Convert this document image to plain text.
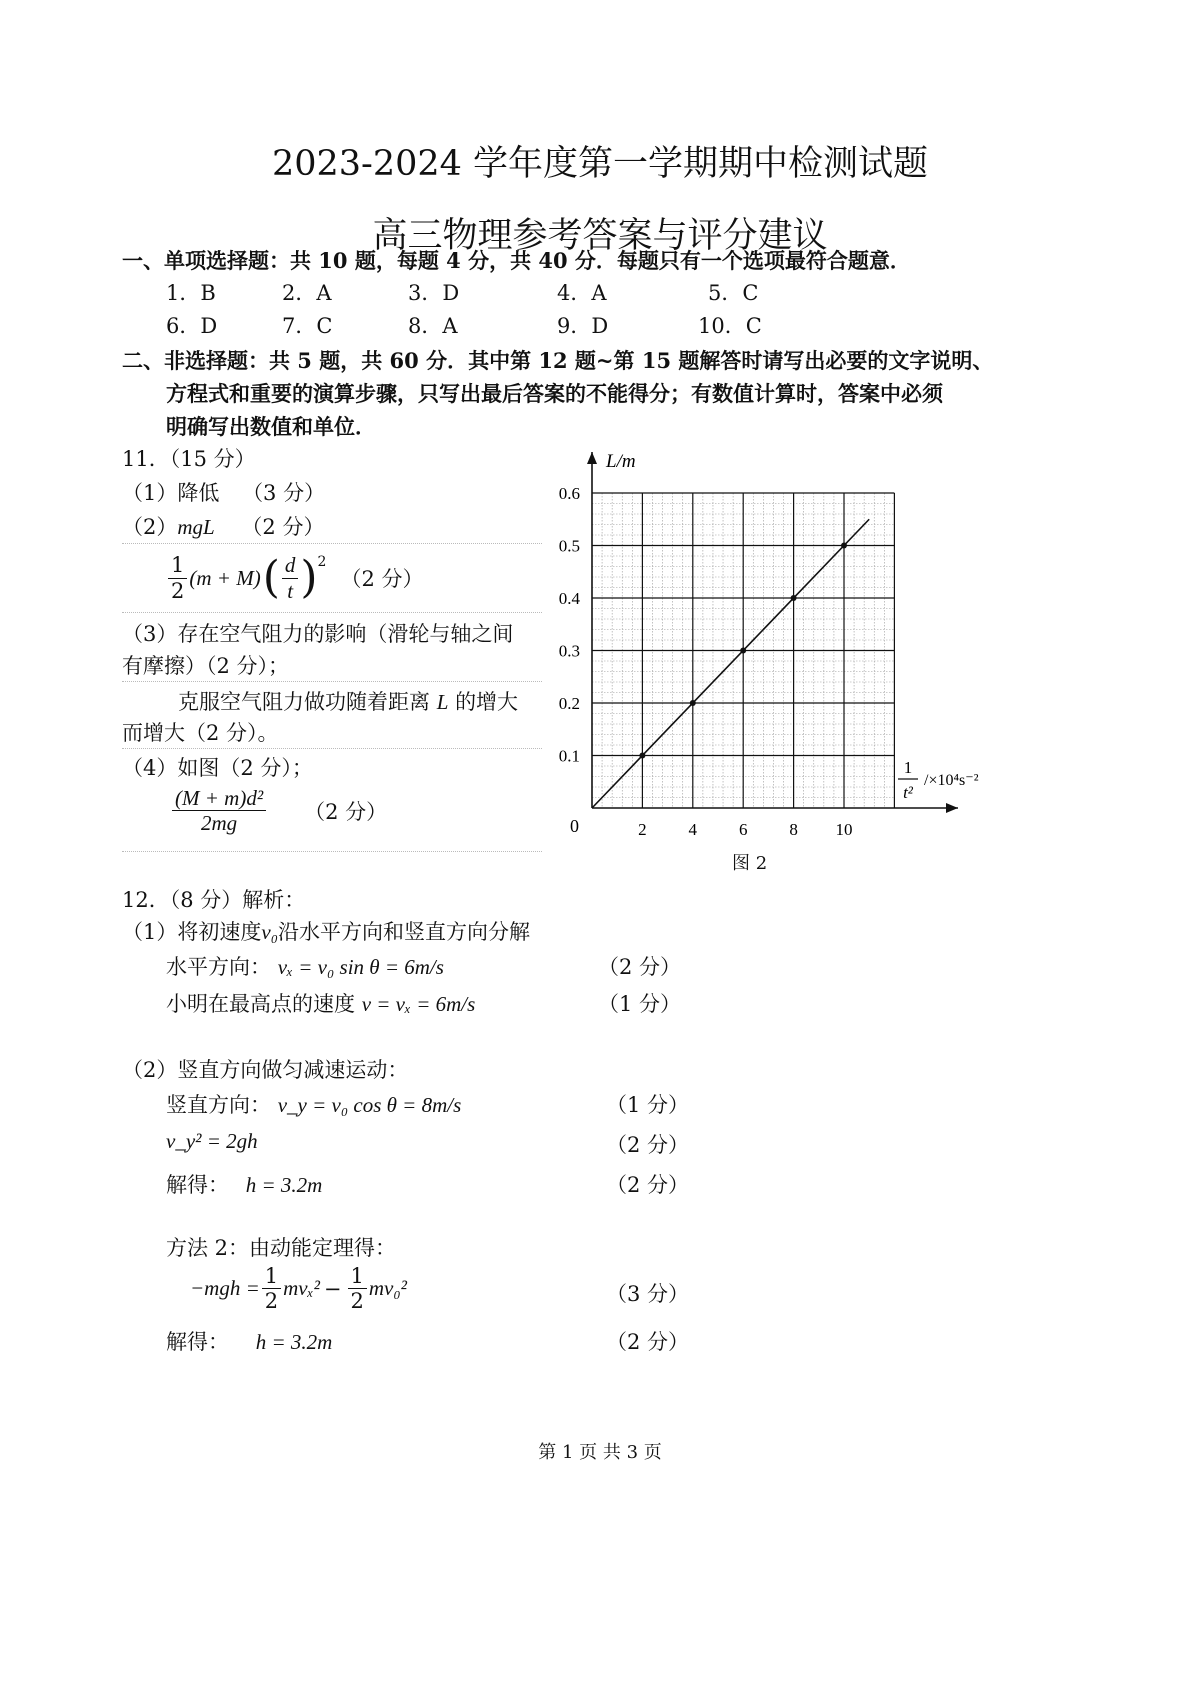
2023-2024 学年度第一学期期中检测试题
高三物理参考答案与评分建议
一、单项选择题：共 10 题，每题 4 分，共 40 分．每题只有一个选项最符合题意．
1．B	2．A	3．D	4．A	5．C
6．D	7．C	8．A	9．D	10．C
二、非选择题：共 5 题，共 60 分．其中第 12 题~第 15 题解答时请写出必要的文字说明、
方程式和重要的演算步骤，只写出最后答案的不能得分；有数值计算时，答案中必须
明确写出数值和单位．
11．（15 分）
（1）降低 （3 分）
（2）mgL （2 分）
$\frac{1}{2} (m + M)$ ( $\frac{d}{t} )^2$
（2 分）
（3）存在空气阻力的影响（滑轮与轴之间
有摩擦）（2 分）；
克服空气阻力做功随着距离 L 的增大
而增大（2 分）。
（4）如图（2 分）；
$\frac{\text{(M + m)d²}}{2mg} (2$ 分）
0.1
0.2
0.3
0.4
0.5
0.6
2 4 6 8 10
L/m
0
1
t²
/×10⁴s⁻²
图 2
12．（8 分）解析：
（1）将初速度v₀沿水平方向和竖直方向分解
水平方向： vₓ = v₀ sin θ = 6m/s	（2 分）
小明在最高点的速度 v = vₓ = 6m/s	（1 分）
（2）竖直方向做匀减速运动：
竖直方向： v_y = v₀ cos θ = 8m/s	（1 分）
v_y² = 2gh	（2 分）
解得： h = 3.2m	（2 分）
方法 2：由动能定理得：
$-mgh = \frac{1}{2} mv_x^2 - \frac{1}{2} mv_0^2$	（3 分）
解得： h = 3.2m	（2 分）
第 1 页 共 3 页
